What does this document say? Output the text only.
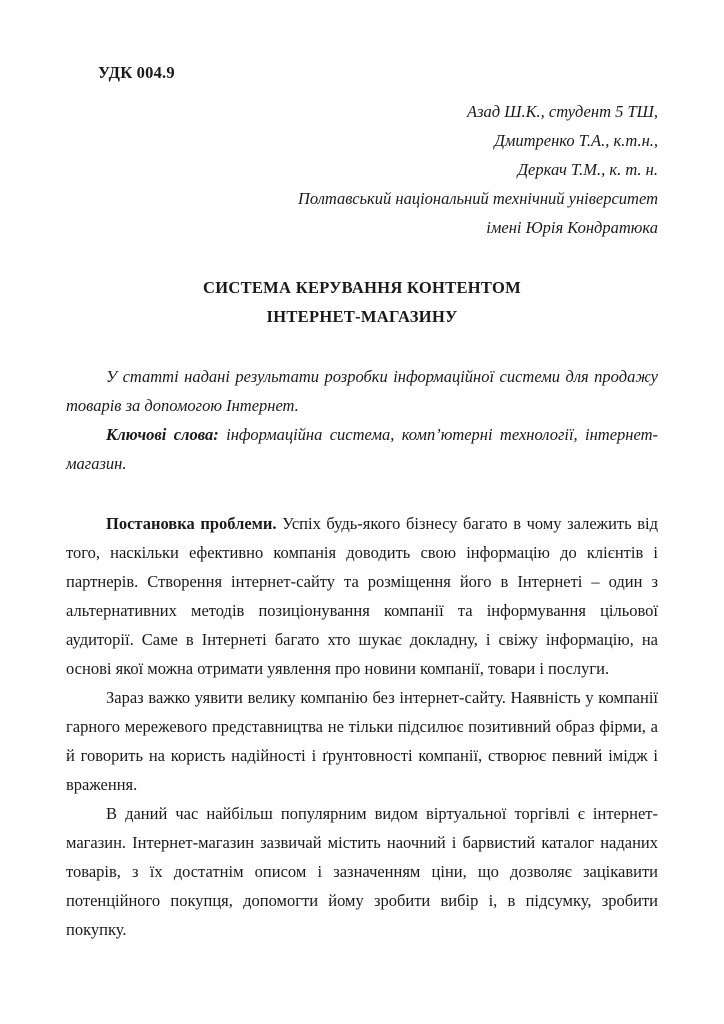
УДК 004.9
Азад Ш.К., студент 5 ТШ,
Дмитренко Т.А., к.т.н.,
Деркач Т.М., к. т. н.
Полтавський національний технічний університет
імені Юрія Кондратюка
СИСТЕМА КЕРУВАННЯ КОНТЕНТОМ
ІНТЕРНЕТ-МАГАЗИНУ

У статті надані результати розробки інформаційної системи для продажу товарів за допомогою Інтернет.

Ключові слова: інформаційна система, комп’ютерні технології, інтернет-магазин.

Постановка проблеми. Успіх будь-якого бізнесу багато в чому залежить від того, наскільки ефективно компанія доводить свою інформацію до клієнтів і партнерів. Створення інтернет-сайту та розміщення його в Інтернеті – один з альтернативних методів позиціонування компанії та інформування цільової аудиторії. Саме в Інтернеті багато хто шукає докладну, і свіжу інформацію, на основі якої можна отримати уявлення про новини компанії, товари і послуги.

Зараз важко уявити велику компанію без інтернет-сайту. Наявність у компанії гарного мережевого представництва не тільки підсилює позитивний образ фірми, а й говорить на користь надійності і ґрунтовності компанії, створює певний імідж і враження.

В даний час найбільш популярним видом віртуальної торгівлі є інтернет-магазин. Інтернет-магазин зазвичай містить наочний і барвистий каталог наданих товарів, з їх достатнім описом і зазначенням ціни, що дозволяє зацікавити потенційного покупця, допомогти йому зробити вибір і, в підсумку, зробити покупку.
